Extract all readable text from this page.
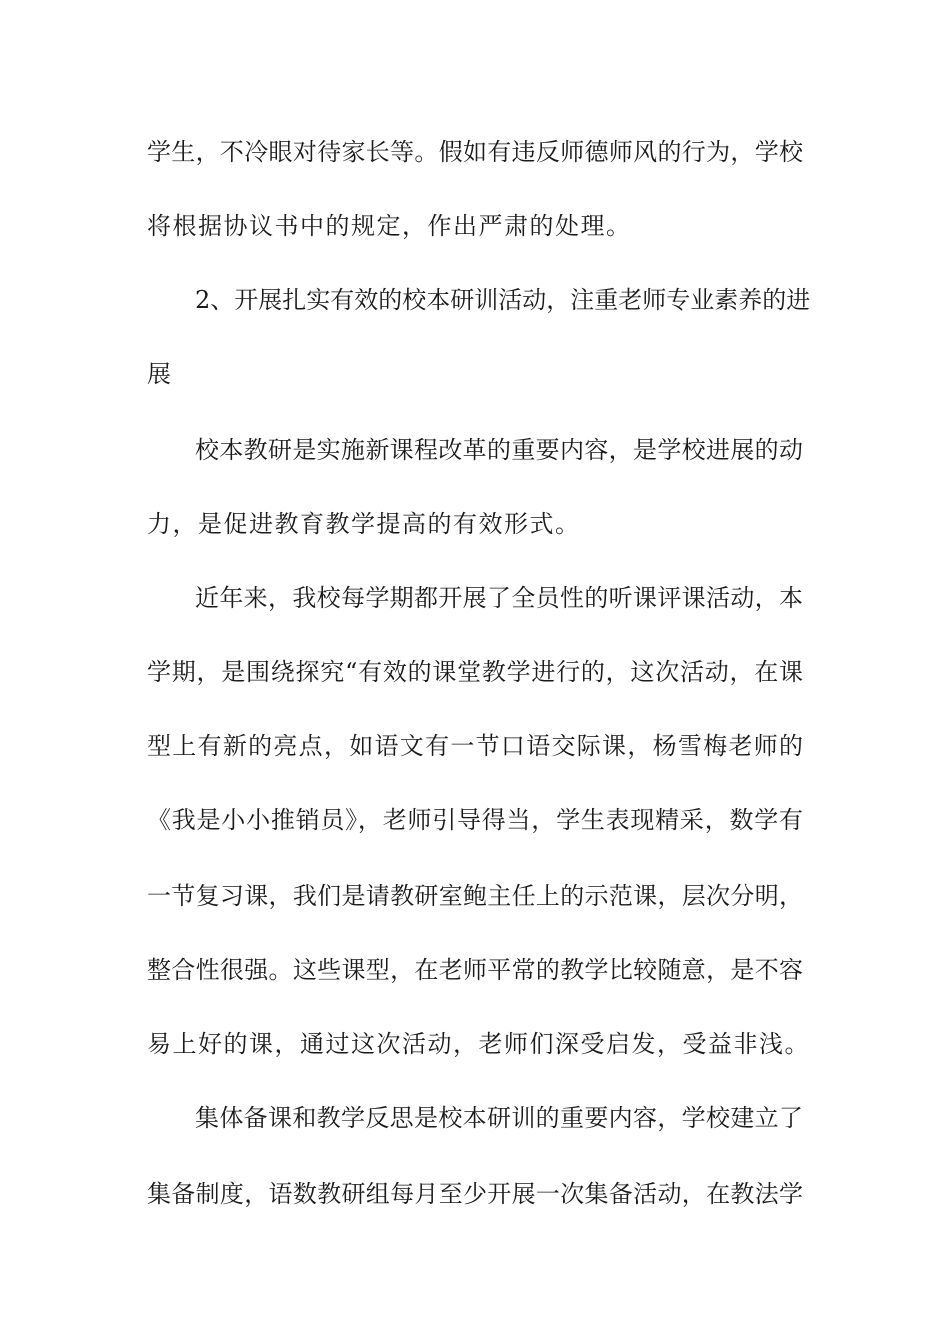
学生，不冷眼对待家长等。假如有违反师德师风的行为，学校
将根据协议书中的规定，作出严肃的处理。
2、开展扎实有效的校本研训活动，注重老师专业素养的进
展
校本教研是实施新课程改革的重要内容，是学校进展的动
力，是促进教育教学提高的有效形式。
近年来，我校每学期都开展了全员性的听课评课活动，本
学期，是围绕探究“有效的课堂教学进行的，这次活动，在课
型上有新的亮点，如语文有一节口语交际课，杨雪梅老师的
《我是小小推销员》，老师引导得当，学生表现精采，数学有
一节复习课，我们是请教研室鲍主任上的示范课，层次分明，
整合性很强。这些课型，在老师平常的教学比较随意，是不容
易上好的课，通过这次活动，老师们深受启发，受益非浅。
集体备课和教学反思是校本研训的重要内容，学校建立了
集备制度，语数教研组每月至少开展一次集备活动，在教法学
